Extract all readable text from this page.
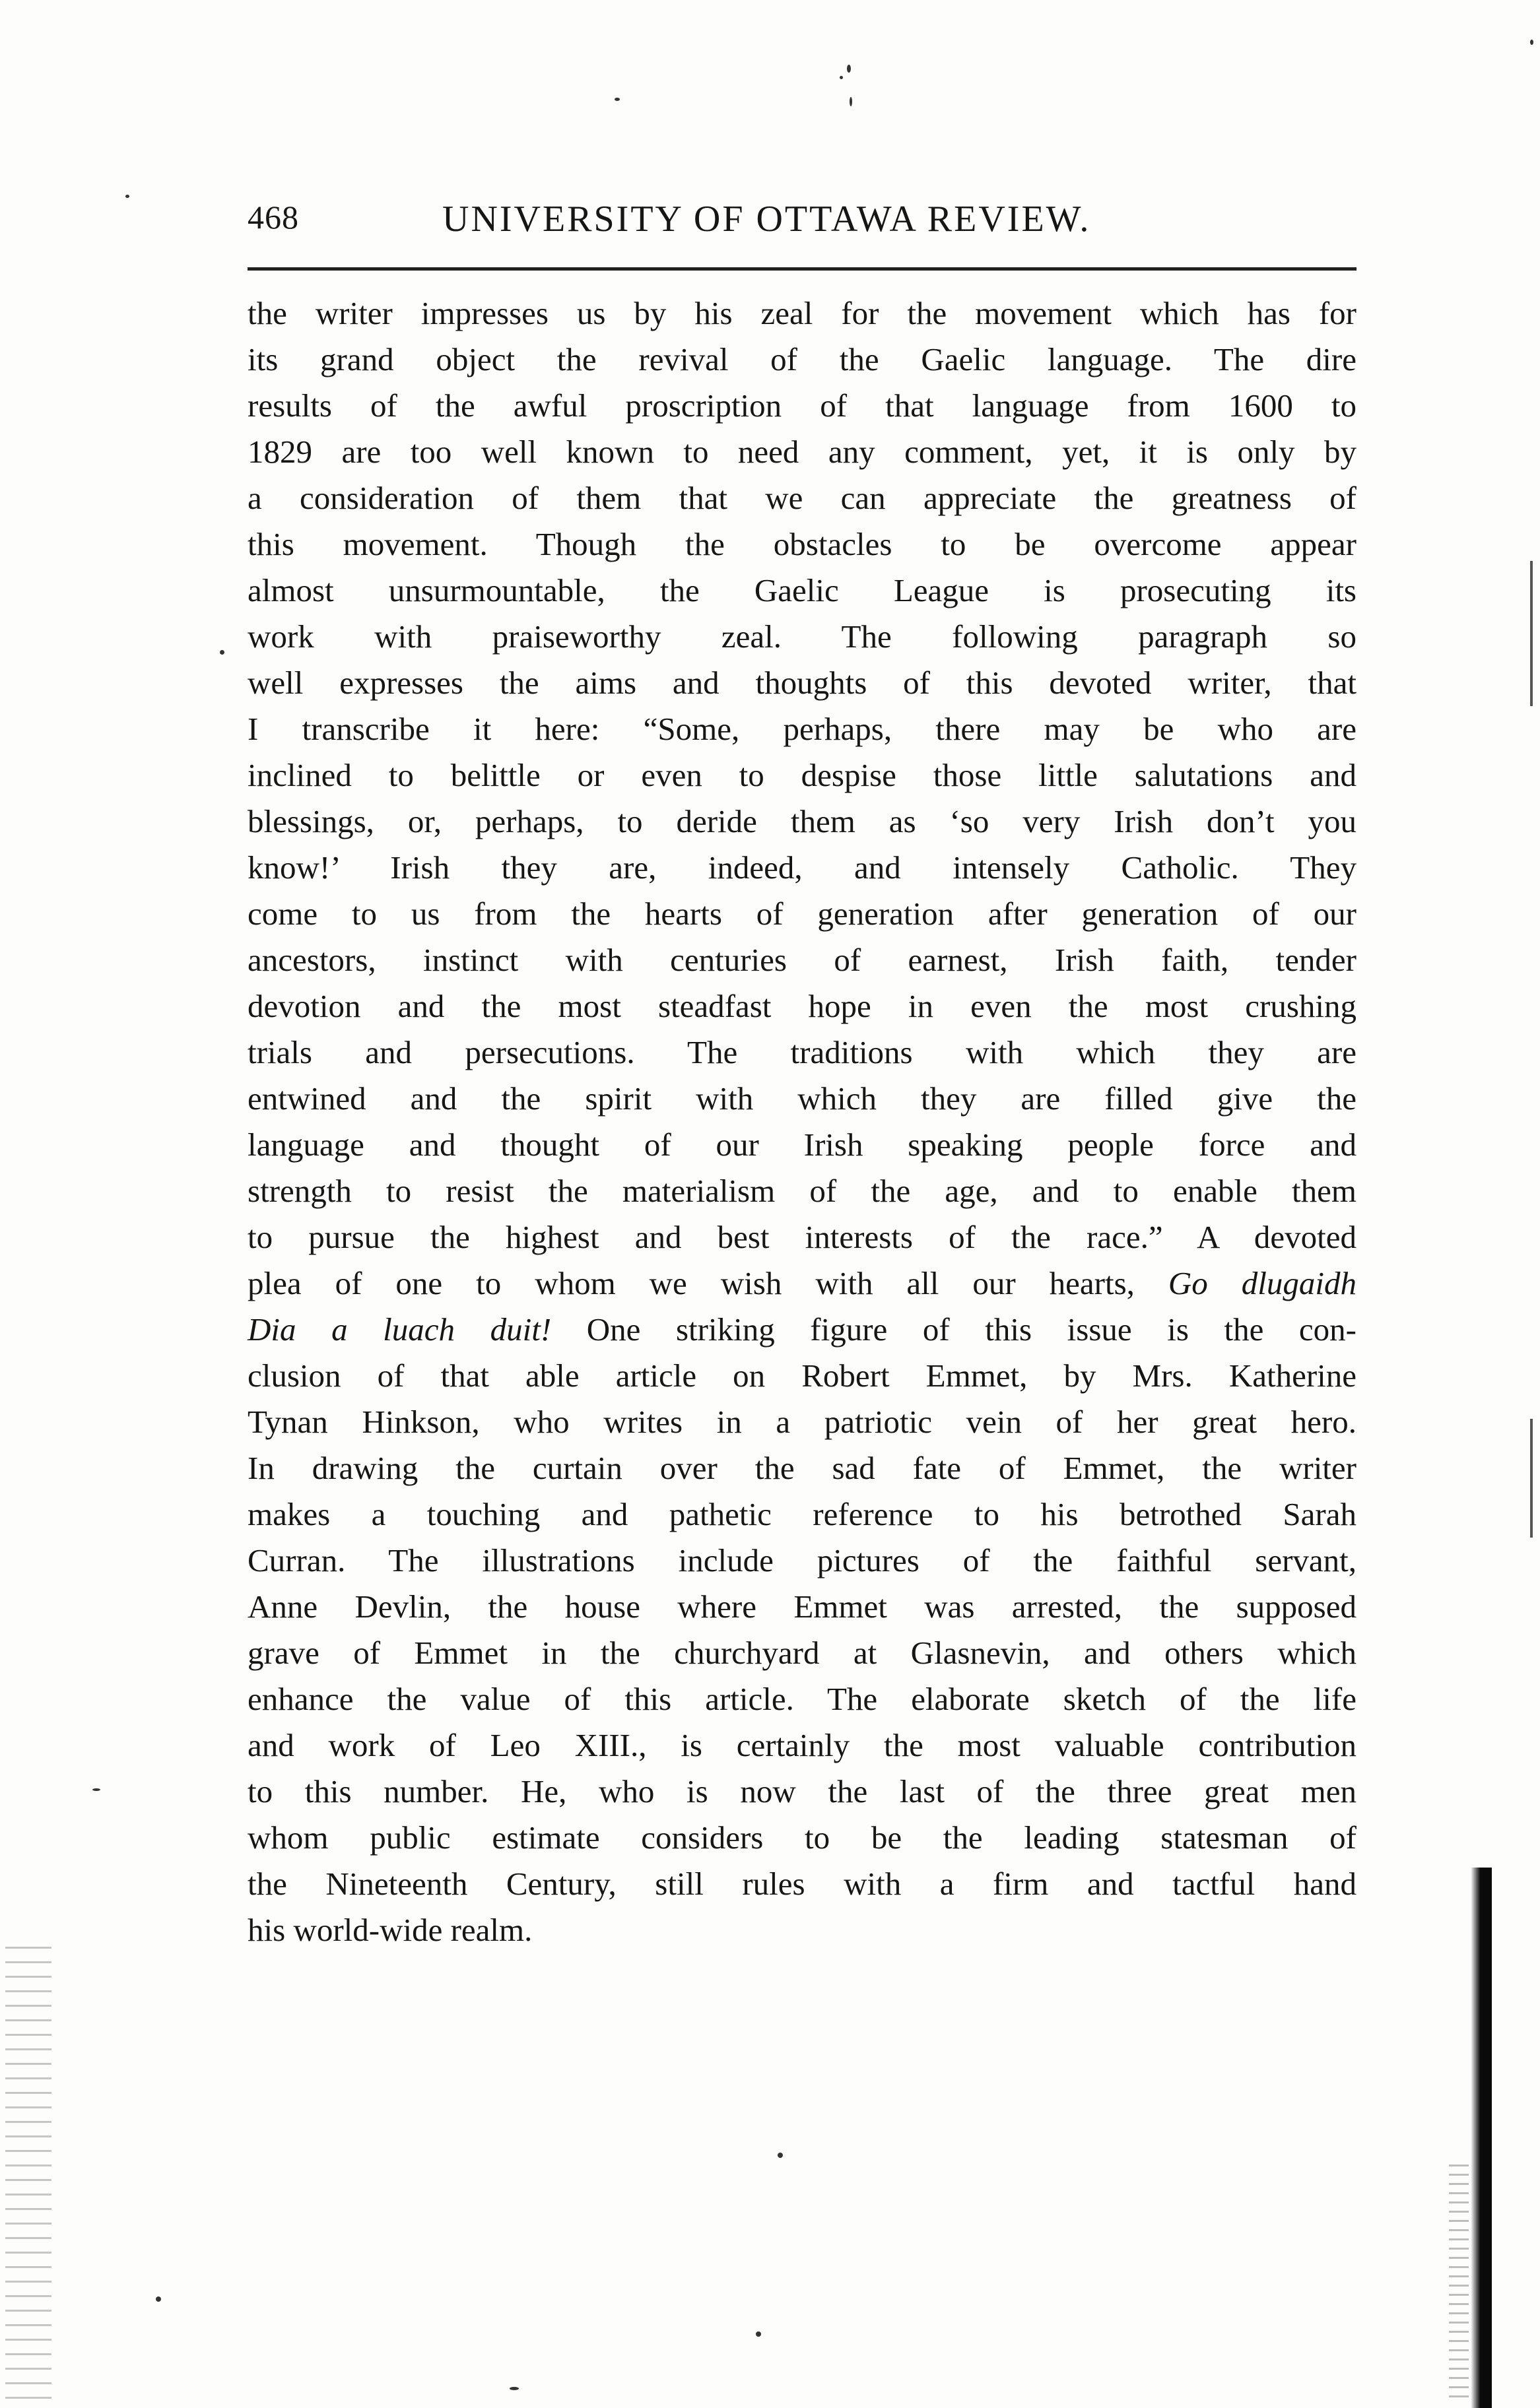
468	UNIVERSITY OF OTTAWA REVIEW.
the writer impresses us by his zeal for the movement which has for
its grand object the revival of the Gaelic language. The dire
results of the awful proscription of that language from 1600 to
1829 are too well known to need any comment, yet, it is only by
a consideration of them that we can appreciate the greatness of
this movement. Though the obstacles to be overcome appear
almost unsurmountable, the Gaelic League is prosecuting its
work with praiseworthy zeal. The following paragraph so
well expresses the aims and thoughts of this devoted writer, that
I transcribe it here: “Some, perhaps, there may be who are
inclined to belittle or even to despise those little salutations and
blessings, or, perhaps, to deride them as ‘so very Irish don’t you
know!’ Irish they are, indeed, and intensely Catholic. They
come to us from the hearts of generation after generation of our
ancestors, instinct with centuries of earnest, Irish faith, tender
devotion and the most steadfast hope in even the most crushing
trials and persecutions. The traditions with which they are
entwined and the spirit with which they are filled give the
language and thought of our Irish speaking people force and
strength to resist the materialism of the age, and to enable them
to pursue the highest and best interests of the race.” A devoted
plea of one to whom we wish with all our hearts, Go dlugaidh
Dia a luach duit! One striking figure of this issue is the con-
clusion of that able article on Robert Emmet, by Mrs. Katherine
Tynan Hinkson, who writes in a patriotic vein of her great hero.
In drawing the curtain over the sad fate of Emmet, the writer
makes a touching and pathetic reference to his betrothed Sarah
Curran. The illustrations include pictures of the faithful servant,
Anne Devlin, the house where Emmet was arrested, the supposed
grave of Emmet in the churchyard at Glasnevin, and others which
enhance the value of this article. The elaborate sketch of the life
and work of Leo XIII., is certainly the most valuable contribution
to this number. He, who is now the last of the three great men
whom public estimate considers to be the leading statesman of
the Nineteenth Century, still rules with a firm and tactful hand
his world-wide realm.
